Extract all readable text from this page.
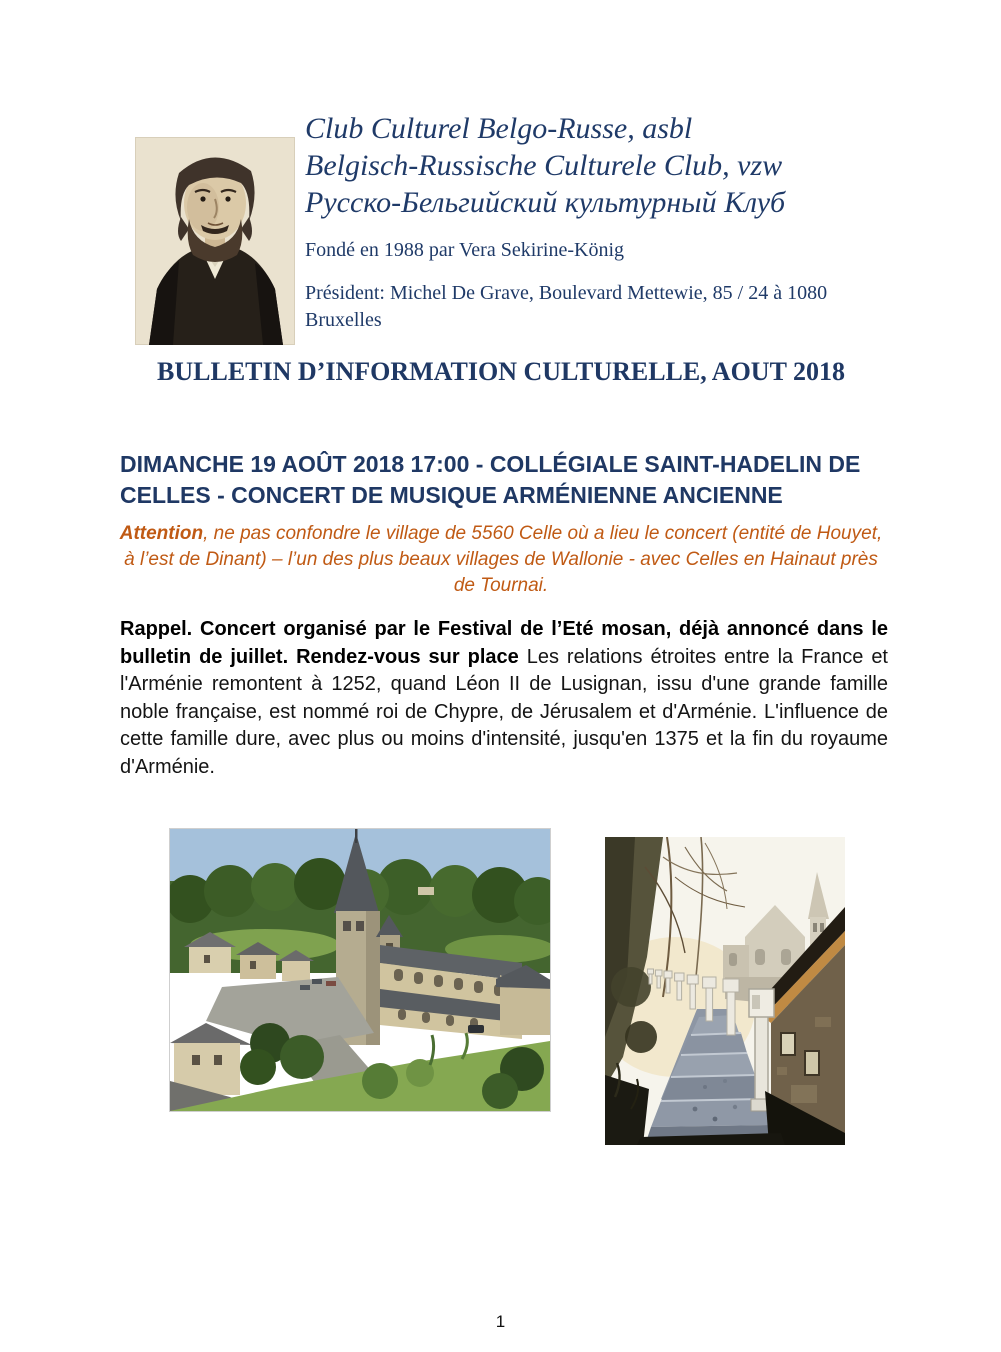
Club Culturel Belgo-Russe, asbl
Belgisch-Russische Culturele Club, vzw
Русско-Бельгийский культурный Клуб
Fondé en 1988 par Vera Sekirine-König
Président: Michel De Grave, Boulevard Mettewie, 85 / 24 à 1080 Bruxelles
BULLETIN D’INFORMATION CULTURELLE, AOUT 2018
DIMANCHE 19 AOÛT 2018 17:00 - COLLÉGIALE SAINT-HADELIN DE
CELLES - CONCERT DE MUSIQUE ARMÉNIENNE ANCIENNE
Attention, ne pas confondre le village de 5560 Celle où a lieu le concert (entité de Houyet, à l’est de Dinant) – l’un des plus beaux villages de Wallonie - avec Celles en Hainaut près de Tournai.
Rappel. Concert organisé par le Festival de l’Eté mosan, déjà annoncé dans le bulletin de juillet. Rendez-vous sur place Les relations étroites entre la France et l'Arménie remontent à 1252, quand Léon II de Lusignan, issu d'une grande famille noble française, est nommé roi de Chypre, de Jérusalem et d'Arménie. L'influence de cette famille dure, avec plus ou moins d'intensité, jusqu'en 1375 et la fin du royaume d'Arménie.
1
